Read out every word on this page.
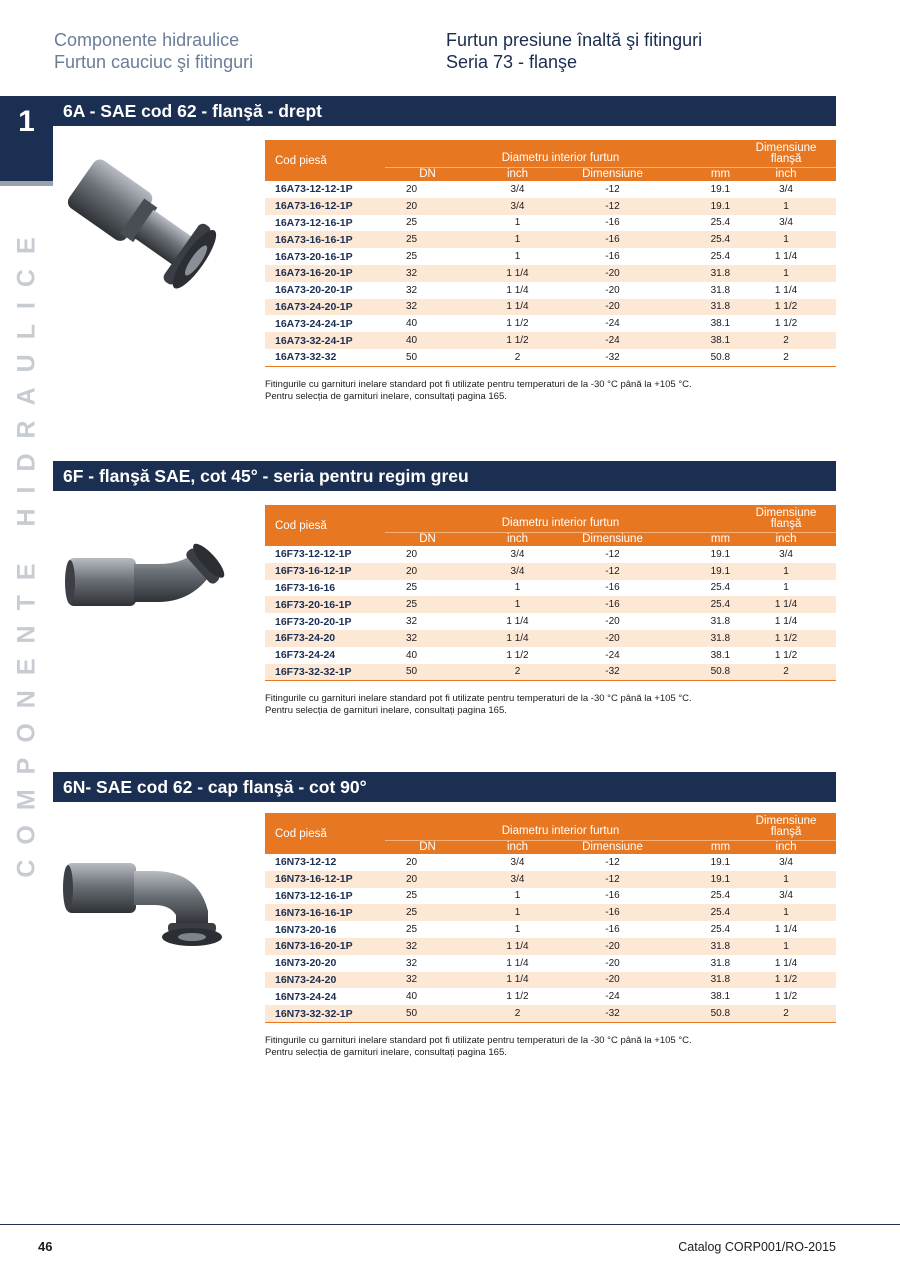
Componente hidraulice
Furtun cauciuc şi fitinguri
Furtun presiune înaltă şi fitinguri
Seria 73 - flanşe
1
COMPONENTE HIDRAULICE
6A - SAE cod 62 - flanşă - drept
Cod piesă	Diametru interior furtun				Dimensiune
flanşă

	DN	inch	Dimensiune	mm	inch
16A73-12-12-1P	20	3/4	-12	19.1	3/4
16A73-16-12-1P	20	3/4	-12	19.1	1
16A73-12-16-1P	25	1	-16	25.4	3/4
16A73-16-16-1P	25	1	-16	25.4	1
16A73-20-16-1P	25	1	-16	25.4	1 1/4
16A73-16-20-1P	32	1 1/4	-20	31.8	1
16A73-20-20-1P	32	1 1/4	-20	31.8	1 1/4
16A73-24-20-1P	32	1 1/4	-20	31.8	1 1/2
16A73-24-24-1P	40	1 1/2	-24	38.1	1 1/2
16A73-32-24-1P	40	1 1/2	-24	38.1	2
16A73-32-32	50	2	-32	50.8	2
Fitingurile cu garnituri inelare standard pot fi utilizate pentru temperaturi de la -30 °C până la +105 °C.
Pentru selecția de garnituri inelare, consultați pagina 165.
6F - flanşă SAE, cot 45° - seria pentru regim greu
Cod piesă	Diametru interior furtun				Dimensiune
flanşă

	DN	inch	Dimensiune	mm	inch
16F73-12-12-1P	20	3/4	-12	19.1	3/4
16F73-16-12-1P	20	3/4	-12	19.1	1
16F73-16-16	25	1	-16	25.4	1
16F73-20-16-1P	25	1	-16	25.4	1 1/4
16F73-20-20-1P	32	1 1/4	-20	31.8	1 1/4
16F73-24-20	32	1 1/4	-20	31.8	1 1/2
16F73-24-24	40	1 1/2	-24	38.1	1 1/2
16F73-32-32-1P	50	2	-32	50.8	2
Fitingurile cu garnituri inelare standard pot fi utilizate pentru temperaturi de la -30 °C până la +105 °C.
Pentru selecția de garnituri inelare, consultați pagina 165.
6N- SAE cod 62 - cap flanşă - cot 90°
Cod piesă	Diametru interior furtun				Dimensiune
flanşă

	DN	inch	Dimensiune	mm	inch
16N73-12-12	20	3/4	-12	19.1	3/4
16N73-16-12-1P	20	3/4	-12	19.1	1
16N73-12-16-1P	25	1	-16	25.4	3/4
16N73-16-16-1P	25	1	-16	25.4	1
16N73-20-16	25	1	-16	25.4	1 1/4
16N73-16-20-1P	32	1 1/4	-20	31.8	1
16N73-20-20	32	1 1/4	-20	31.8	1 1/4
16N73-24-20	32	1 1/4	-20	31.8	1 1/2
16N73-24-24	40	1 1/2	-24	38.1	1 1/2
16N73-32-32-1P	50	2	-32	50.8	2
Fitingurile cu garnituri inelare standard pot fi utilizate pentru temperaturi de la -30 °C până la +105 °C.
Pentru selecția de garnituri inelare, consultați pagina 165.
46	Catalog CORP001/RO-2015
